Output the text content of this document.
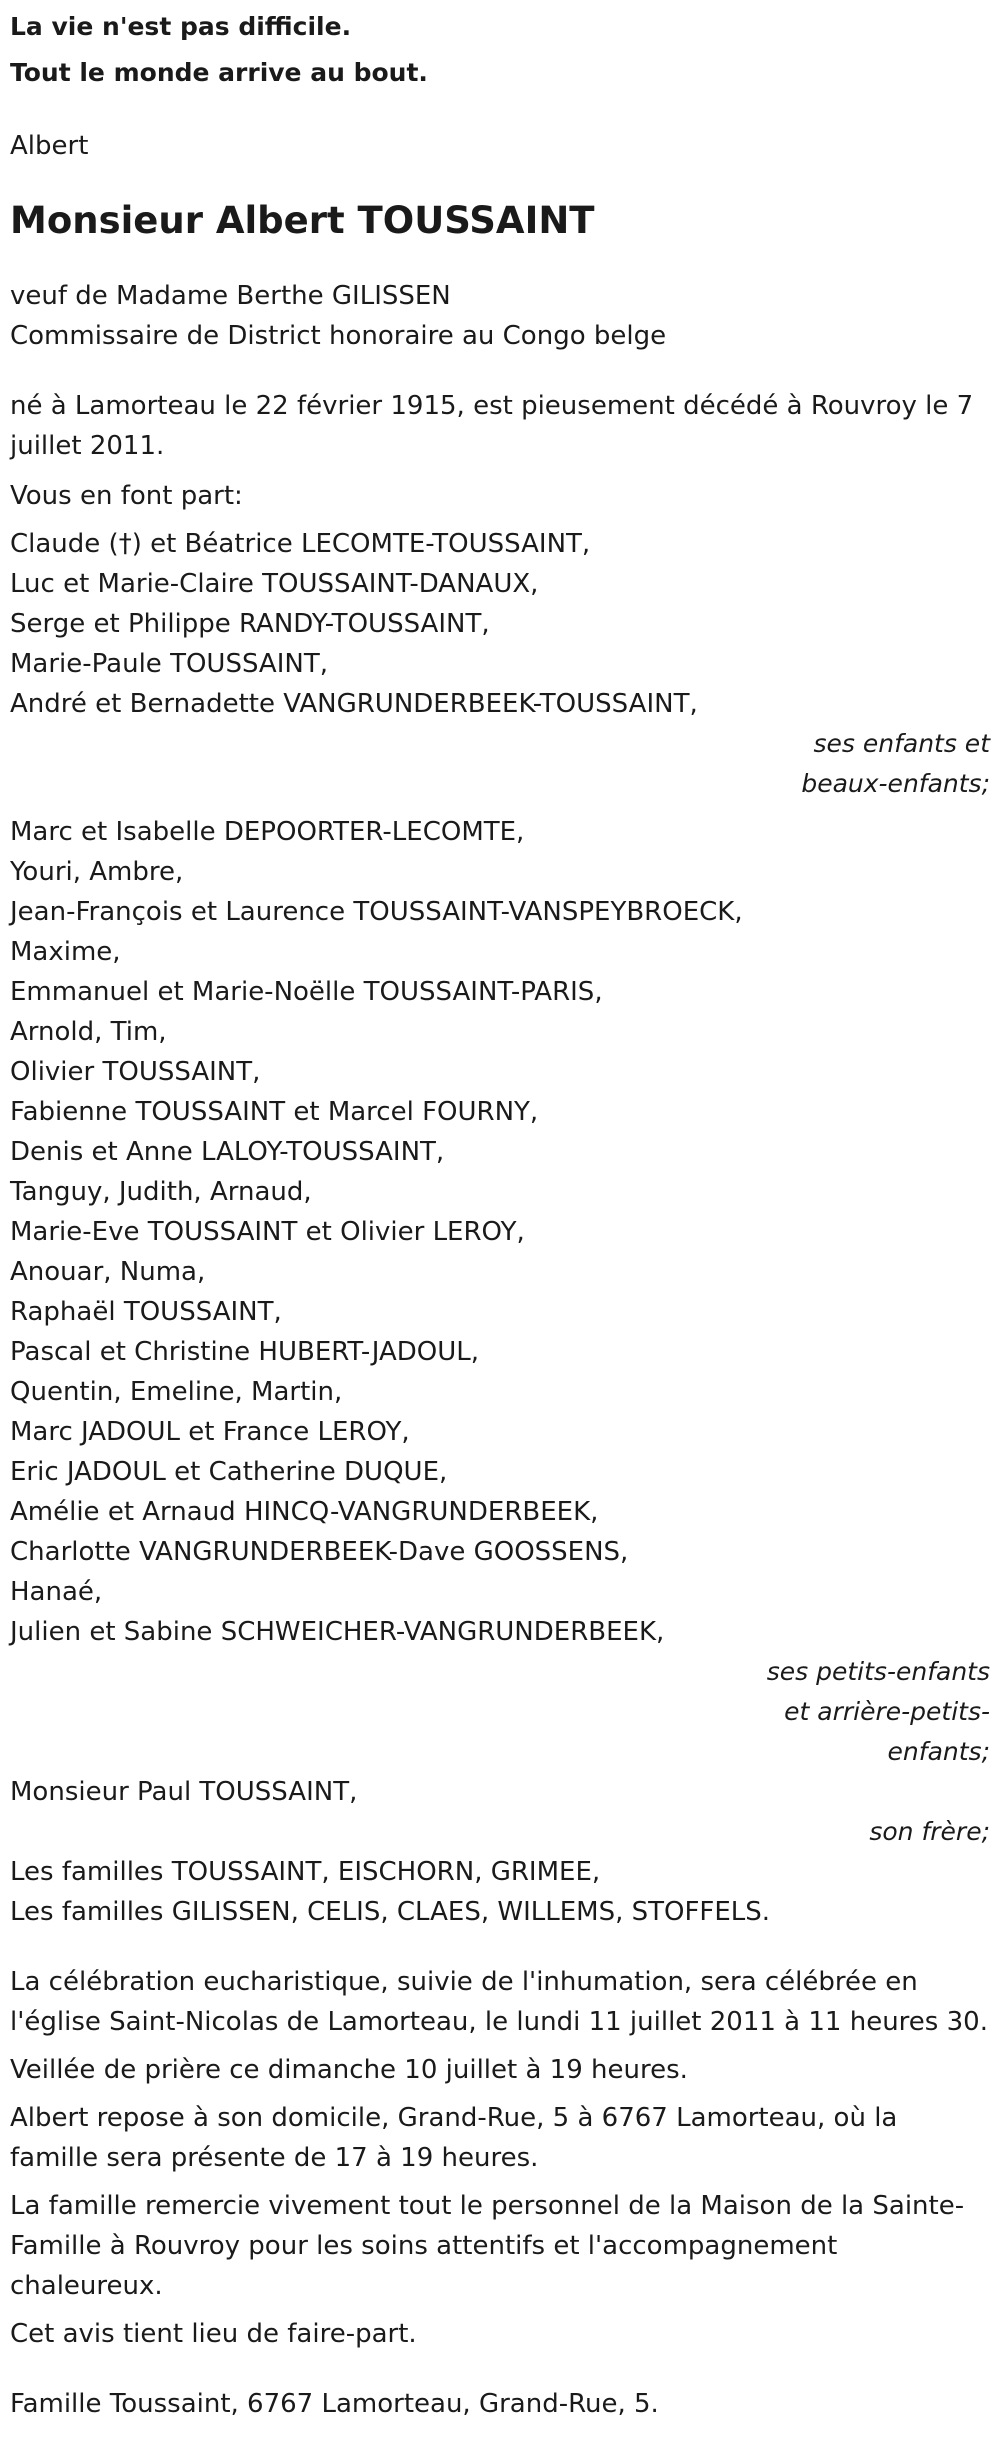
La vie n'est pas difficile.

Tout le monde arrive au bout.

Albert

Monsieur Albert TOUSSAINT

veuf de Madame Berthe GILISSEN

Commissaire de District honoraire au Congo belge

né à Lamorteau le 22 février 1915, est pieusement décédé à Rouvroy le 7

juillet 2011.

Vous en font part:

Claude (†) et Béatrice LECOMTE-TOUSSAINT,

Luc et Marie-Claire TOUSSAINT-DANAUX,

Serge et Philippe RANDY-TOUSSAINT,

Marie-Paule TOUSSAINT,

André et Bernadette VANGRUNDERBEEK-TOUSSAINT,

ses enfants et

beaux-enfants;

Marc et Isabelle DEPOORTER-LECOMTE,

Youri, Ambre,

Jean-François et Laurence TOUSSAINT-VANSPEYBROECK,

Maxime,

Emmanuel et Marie-Noëlle TOUSSAINT-PARIS,

Arnold, Tim,

Olivier TOUSSAINT,

Fabienne TOUSSAINT et Marcel FOURNY,

Denis et Anne LALOY-TOUSSAINT,

Tanguy, Judith, Arnaud,

Marie-Eve TOUSSAINT et Olivier LEROY,

Anouar, Numa,

Raphaël TOUSSAINT,

Pascal et Christine HUBERT-JADOUL,

Quentin, Emeline, Martin,

Marc JADOUL et France LEROY,

Eric JADOUL et Catherine DUQUE,

Amélie et Arnaud HINCQ-VANGRUNDERBEEK,

Charlotte VANGRUNDERBEEK-Dave GOOSSENS,

Hanaé,

Julien et Sabine SCHWEICHER-VANGRUNDERBEEK,

ses petits-enfants

et arrière-petits-

enfants;

Monsieur Paul TOUSSAINT,

son frère;

Les familles TOUSSAINT, EISCHORN, GRIMEE,

Les familles GILISSEN, CELIS, CLAES, WILLEMS, STOFFELS.

La célébration eucharistique, suivie de l'inhumation, sera célébrée en

l'église Saint-Nicolas de Lamorteau, le lundi 11 juillet 2011 à 11 heures 30.

Veillée de prière ce dimanche 10 juillet à 19 heures.

Albert repose à son domicile, Grand-Rue, 5 à 6767 Lamorteau, où la

famille sera présente de 17 à 19 heures.

La famille remercie vivement tout le personnel de la Maison de la Sainte-

Famille à Rouvroy pour les soins attentifs et l'accompagnement

chaleureux.

Cet avis tient lieu de faire-part.

Famille Toussaint, 6767 Lamorteau, Grand-Rue, 5.
